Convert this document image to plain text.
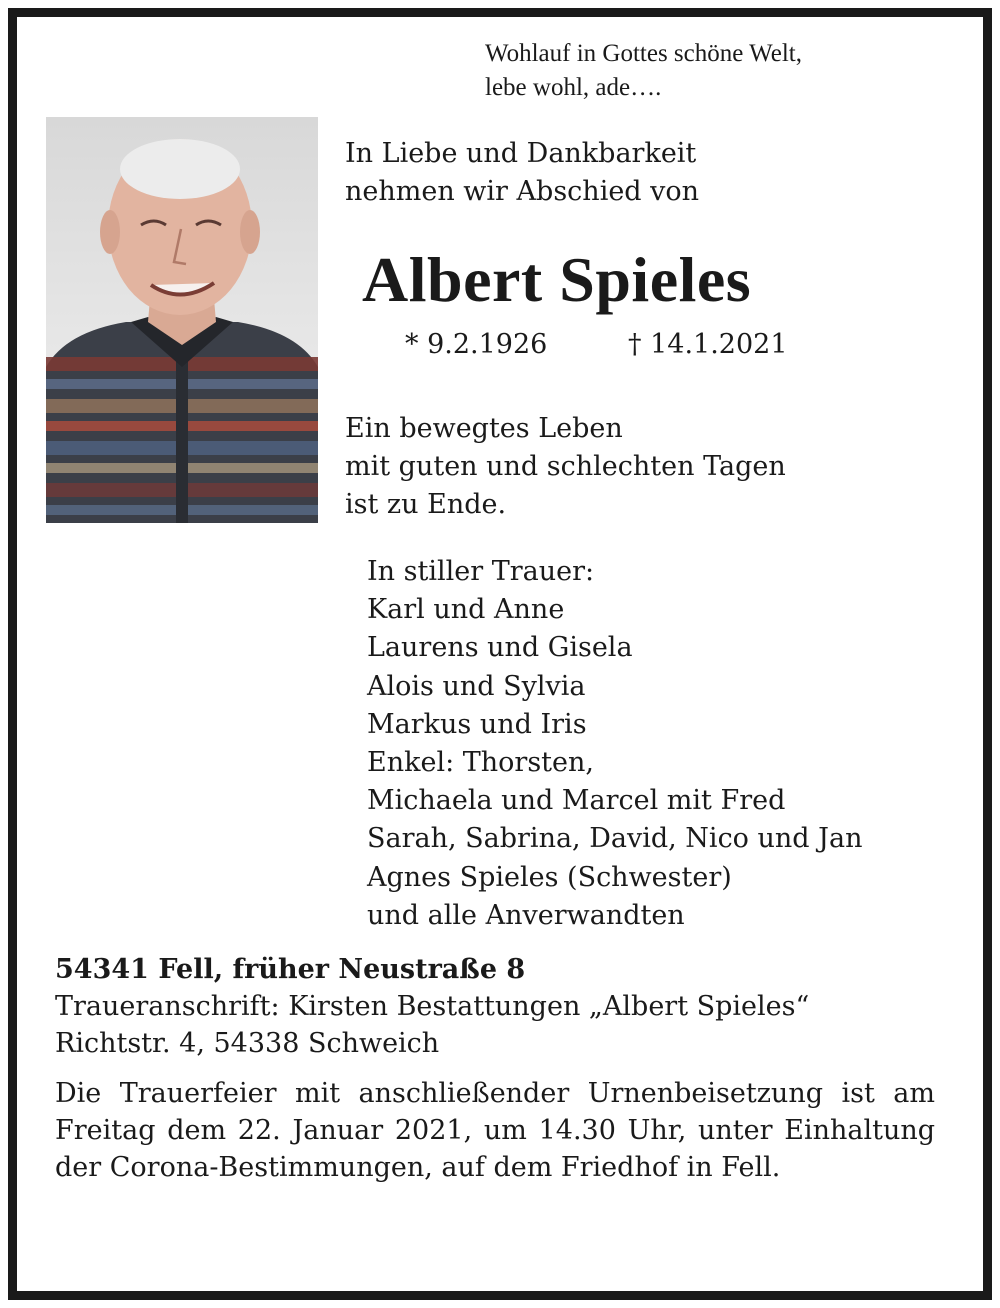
Wohlauf in Gottes schöne Welt,
lebe wohl, ade….
In Liebe und Dankbarkeit
nehmen wir Abschied von
Albert Spieles
* 9.2.1926	† 14.1.2021
Ein bewegtes Leben
mit guten und schlechten Tagen
ist zu Ende.
In stiller Trauer:
Karl und Anne
Laurens und Gisela
Alois und Sylvia
Markus und Iris
Enkel: Thorsten,
Michaela und Marcel mit Fred
Sarah, Sabrina, David, Nico und Jan
Agnes Spieles (Schwester)
und alle Anverwandten
54341 Fell, früher Neustraße 8
Traueranschrift: Kirsten Bestattungen „Albert Spieles“
Richtstr. 4, 54338 Schweich
Die Trauerfeier mit anschließender Urnenbeisetzung ist am Freitag dem 22. Januar 2021, um 14.30 Uhr, unter Einhaltung der Corona-Bestimmungen, auf dem Friedhof in Fell.
